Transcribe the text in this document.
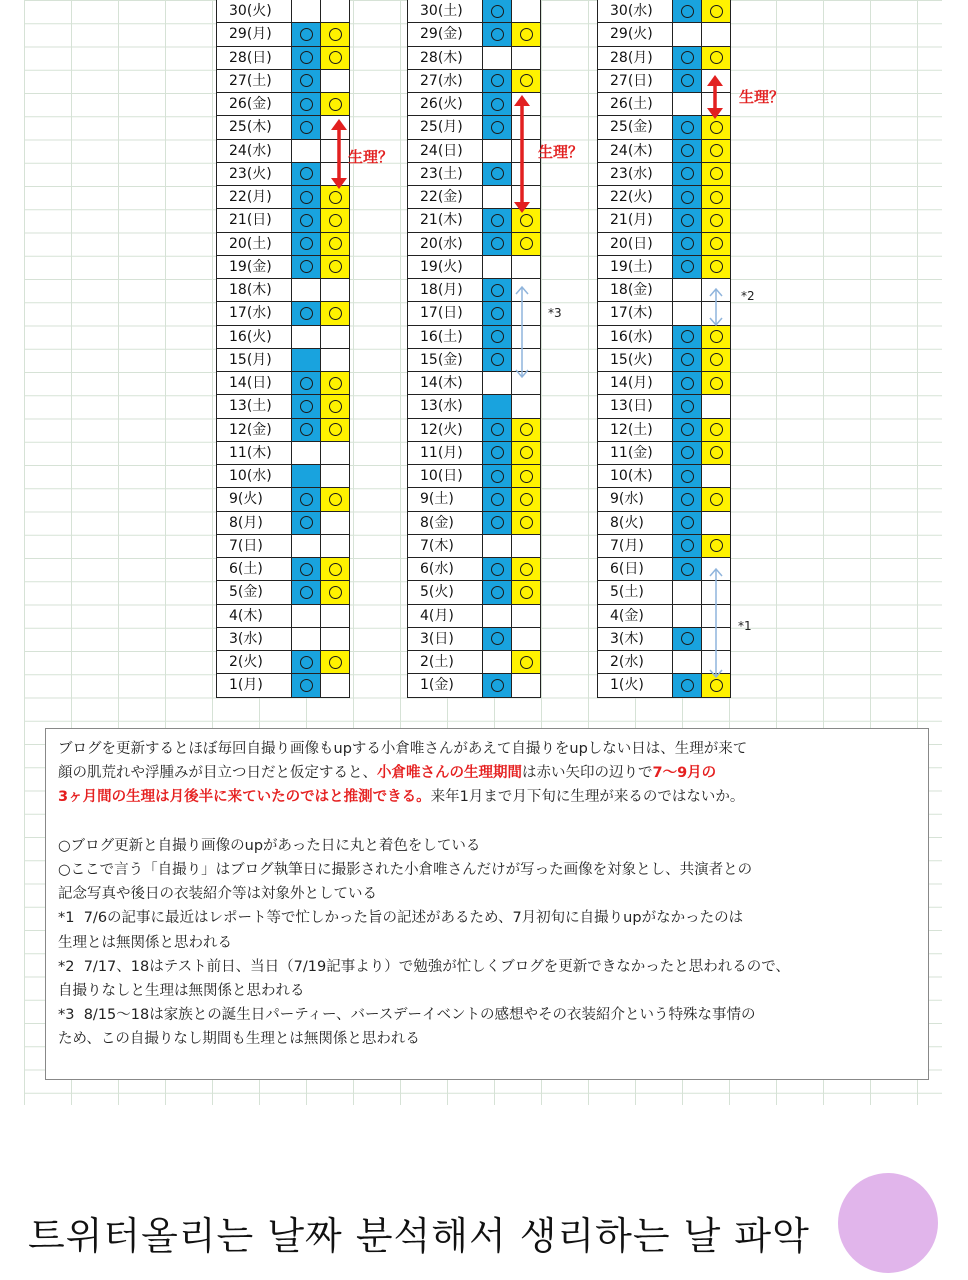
30(火)
29(月)
28(日)
27(土)
26(金)
25(木)
24(水)
23(火)
22(月)
21(日)
20(土)
19(金)
18(木)
17(水)
16(火)
15(月)
14(日)
13(土)
12(金)
11(木)
10(水)
9(火)
8(月)
7(日)
6(土)
5(金)
4(木)
3(水)
2(火)
1(月)
30(土)
29(金)
28(木)
27(水)
26(火)
25(月)
24(日)
23(土)
22(金)
21(木)
20(水)
19(火)
18(月)
17(日)
16(土)
15(金)
14(木)
13(水)
12(火)
11(月)
10(日)
9(土)
8(金)
7(木)
6(水)
5(火)
4(月)
3(日)
2(土)
1(金)
30(水)
29(火)
28(月)
27(日)
26(土)
25(金)
24(木)
23(水)
22(火)
21(月)
20(日)
19(土)
18(金)
17(木)
16(水)
15(火)
14(月)
13(日)
12(土)
11(金)
10(木)
9(水)
8(火)
7(月)
6(日)
5(土)
4(金)
3(木)
2(水)
1(火)
生理？	生理？
生理？
*3
*2
*1

ブログを更新するとほぼ毎回自撮り画像もupする小倉唯さんがあえて自撮りをupしない日は、生理が来て

顔の肌荒れや浮腫みが目立つ日だと仮定すると、小倉唯さんの生理期間は赤い矢印の辺りで7〜9月の

3ヶ月間の生理は月後半に来ていたのではと推測できる。来年1月まで月下旬に生理が来るのではないか。

○ブログ更新と自撮り画像のupがあった日に丸と着色をしている

○ここで言う「自撮り」はブログ執筆日に撮影された小倉唯さんだけが写った画像を対象とし、共演者との

記念写真や後日の衣装紹介等は対象外としている

*1 7/6の記事に最近はレポート等で忙しかった旨の記述があるため、7月初旬に自撮りupがなかったのは

生理とは無関係と思われる

*2 7/17、18はテスト前日、当日（7/19記事より）で勉強が忙しくブログを更新できなかったと思われるので、

自撮りなしと生理は無関係と思われる

*3 8/15〜18は家族との誕生日パーティー、バースデーイベントの感想やその衣装紹介という特殊な事情の

ため、この自撮りなし期間も生理とは無関係と思われる

트위터올리는 날짜 분석해서 생리하는 날 파악
